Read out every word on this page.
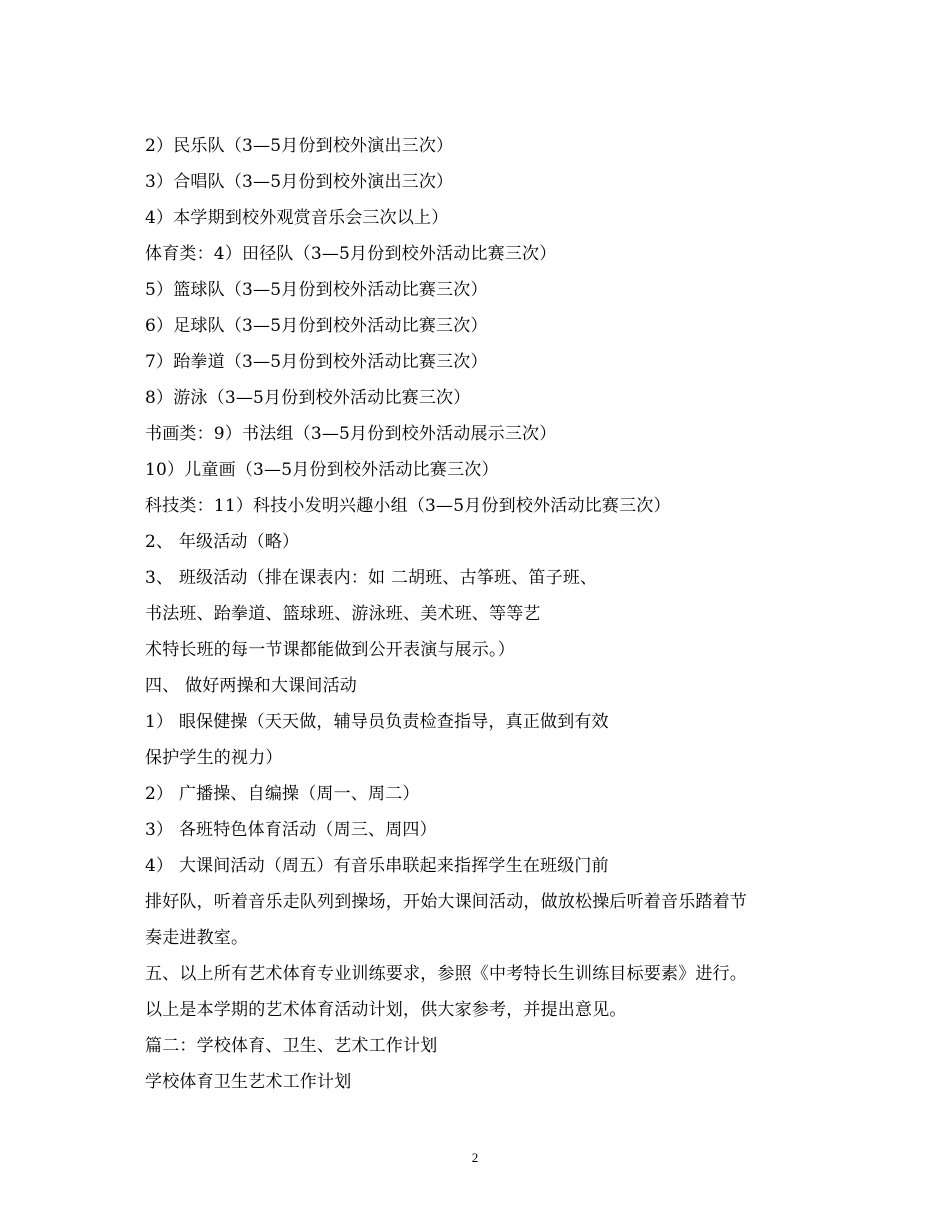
2）民乐队（3—5月份到校外演出三次）
3）合唱队（3—5月份到校外演出三次）
4）本学期到校外观赏音乐会三次以上）
体育类：4）田径队（3—5月份到校外活动比赛三次）
5）篮球队（3—5月份到校外活动比赛三次）
6）足球队（3—5月份到校外活动比赛三次）
7）跆拳道（3—5月份到校外活动比赛三次）
8）游泳（3—5月份到校外活动比赛三次）
书画类：9）书法组（3—5月份到校外活动展示三次）
10）儿童画（3—5月份到校外活动比赛三次）
科技类：11）科技小发明兴趣小组（3—5月份到校外活动比赛三次）
2、 年级活动（略）
3、 班级活动（排在课表内：如 二胡班、古筝班、笛子班、
书法班、跆拳道、篮球班、游泳班、美术班、等等艺
术特长班的每一节课都能做到公开表演与展示。）
四、 做好两操和大课间活动
1） 眼保健操（天天做，辅导员负责检查指导，真正做到有效
保护学生的视力）
2） 广播操、自编操（周一、周二）
3） 各班特色体育活动（周三、周四）
4） 大课间活动（周五）有音乐串联起来指挥学生在班级门前
排好队，听着音乐走队列到操场，开始大课间活动，做放松操后听着音乐踏着节
奏走进教室。
五、以上所有艺术体育专业训练要求，参照《中考特长生训练目标要素》进行。
以上是本学期的艺术体育活动计划，供大家参考，并提出意见。
篇二：学校体育、卫生、艺术工作计划
学校体育卫生艺术工作计划
2
